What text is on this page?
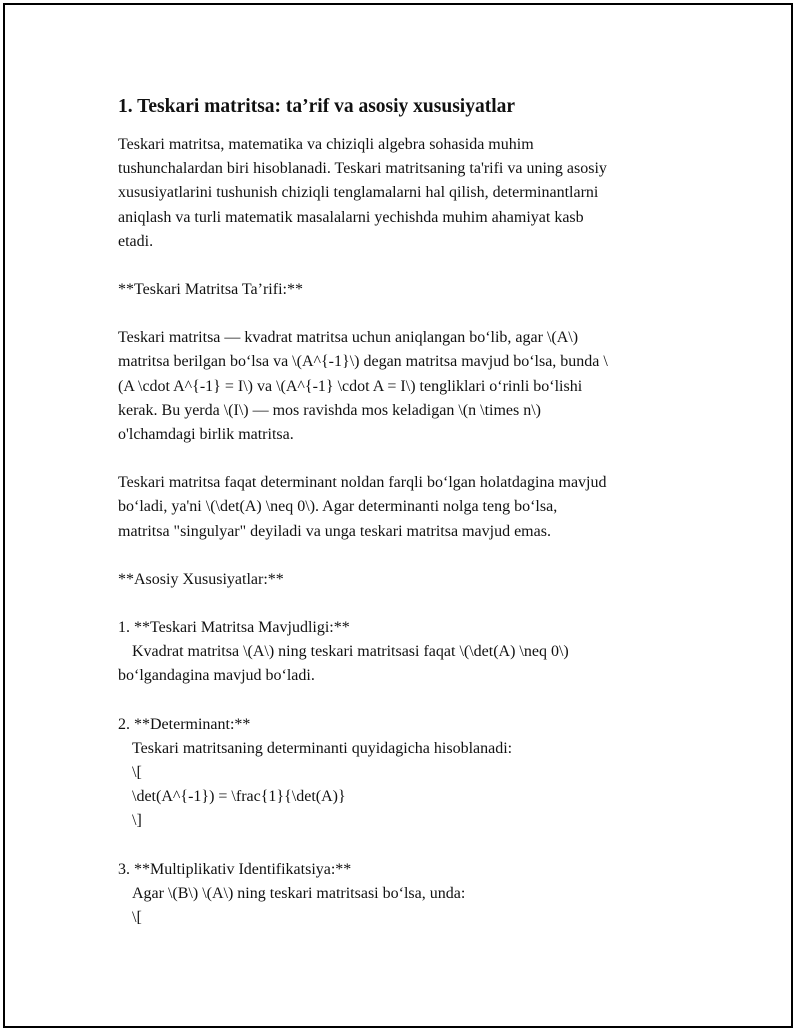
1. Teskari matritsa: ta’rif va asosiy xususiyatlar
Teskari matritsa, matematika va chiziqli algebra sohasida muhim
tushunchalardan biri hisoblanadi. Teskari matritsaning ta'rifi va uning asosiy
xususiyatlarini tushunish chiziqli tenglamalarni hal qilish, determinantlarni
aniqlash va turli matematik masalalarni yechishda muhim ahamiyat kasb
etadi.
**Teskari Matritsa Ta’rifi:**
Teskari matritsa — kvadrat matritsa uchun aniqlangan bo‘lib, agar \(A\)
matritsa berilgan bo‘lsa va \(A^{-1}\) degan matritsa mavjud bo‘lsa, bunda \
(A \cdot A^{-1} = I\) va \(A^{-1} \cdot A = I\) tengliklari o‘rinli bo‘lishi
kerak. Bu yerda \(I\) — mos ravishda mos keladigan \(n \times n\)
o'lchamdagi birlik matritsa.
Teskari matritsa faqat determinant noldan farqli bo‘lgan holatdagina mavjud
bo‘ladi, ya'ni \(\det(A) \neq 0\). Agar determinanti nolga teng bo‘lsa,
matritsa "singulyar" deyiladi va unga teskari matritsa mavjud emas.
**Asosiy Xususiyatlar:**
1. **Teskari Matritsa Mavjudligi:**
Kvadrat matritsa \(A\) ning teskari matritsasi faqat \(\det(A) \neq 0\)
bo‘lgandagina mavjud bo‘ladi.
2. **Determinant:**
Teskari matritsaning determinanti quyidagicha hisoblanadi:
\[
\det(A^{-1}) = \frac{1}{\det(A)}
\]
3. **Multiplikativ Identifikatsiya:**
Agar \(B\) \(A\) ning teskari matritsasi bo‘lsa, unda:
\[
